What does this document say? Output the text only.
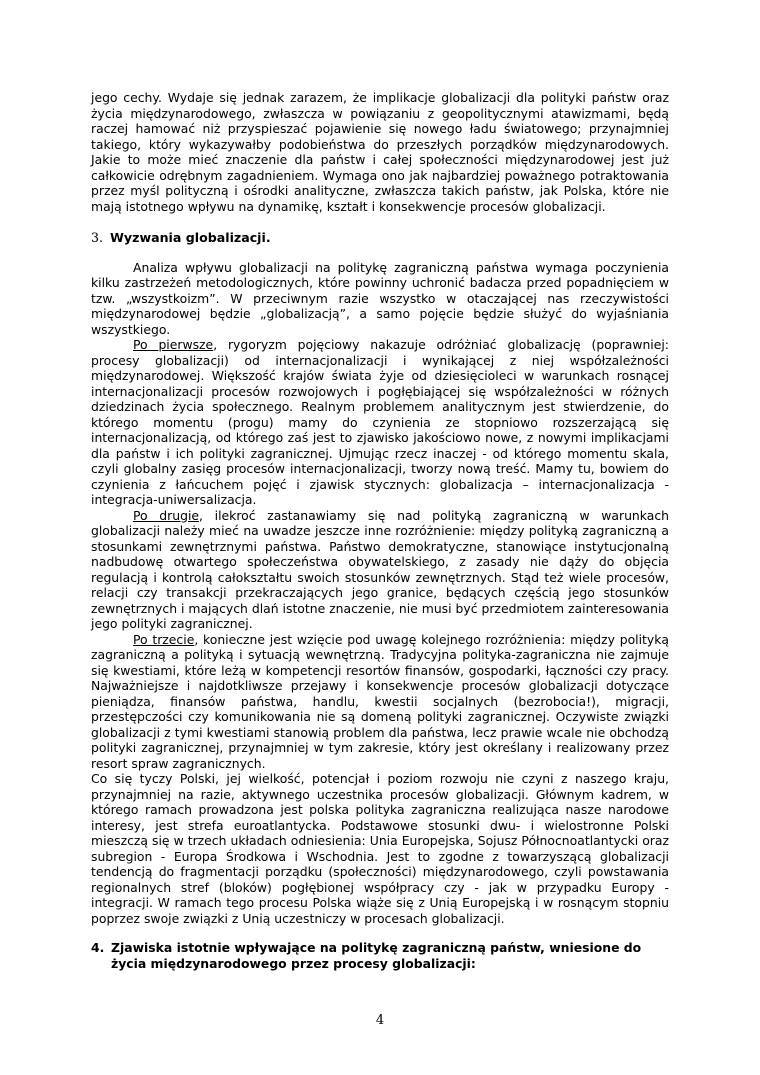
jego cechy. Wydaje się jednak zarazem, że implikacje globalizacji dla polityki państw oraz życia międzynarodowego, zwłaszcza w powiązaniu z geopolitycznymi atawizmami, będą raczej hamować niż przyspieszać pojawienie się nowego ładu światowego; przynajmniej takiego, który wykazywałby podobieństwa do przeszłych porządków międzynarodowych. Jakie to może mieć znaczenie dla państw i całej społeczności międzynarodowej jest już całkowicie odrębnym zagadnieniem. Wymaga ono jak najbardziej poważnego potraktowania przez myśl polityczną i ośrodki analityczne, zwłaszcza takich państw, jak Polska, które nie mają istotnego wpływu na dynamikę, kształt i konsekwencje procesów globalizacji.

3. Wyzwania globalizacji.

Analiza wpływu globalizacji na politykę zagraniczną państwa wymaga poczynienia kilku zastrzeżeń metodologicznych, które powinny uchronić badacza przed popadnięciem w tzw. „wszystkoizm”. W przeciwnym razie wszystko w otaczającej nas rzeczywistości międzynarodowej będzie „globalizacją”, a samo pojęcie będzie służyć do wyjaśniania wszystkiego.

Po pierwsze, rygoryzm pojęciowy nakazuje odróżniać globalizację (poprawniej: procesy globalizacji) od internacjonalizacji i wynikającej z niej współzależności międzynarodowej. Większość krajów świata żyje od dziesięcioleci w warunkach rosnącej internacjonalizacji procesów rozwojowych i pogłębiającej się współzależności w różnych dziedzinach życia społecznego. Realnym problemem analitycznym jest stwierdzenie, do którego momentu (progu) mamy do czynienia ze stopniowo rozszerzającą się internacjonalizacją, od którego zaś jest to zjawisko jakościowo nowe, z nowymi implikacjami dla państw i ich polityki zagranicznej. Ujmując rzecz inaczej - od którego momentu skala, czyli globalny zasięg procesów internacjonalizacji, tworzy nową treść. Mamy tu, bowiem do czynienia z łańcuchem pojęć i zjawisk stycznych: globalizacja – internacjonalizacja - integracja-uniwersalizacja.

Po drugie, ilekroć zastanawiamy się nad polityką zagraniczną w warunkach globalizacji należy mieć na uwadze jeszcze inne rozróżnienie: między polityką zagraniczną a stosunkami zewnętrznymi państwa. Państwo demokratyczne, stanowiące instytucjonalną nadbudowę otwartego społeczeństwa obywatelskiego, z zasady nie dąży do objęcia regulacją i kontrolą całokształtu swoich stosunków zewnętrznych. Stąd też wiele procesów, relacji czy transakcji przekraczających jego granice, będących częścią jego stosunków zewnętrznych i mających dlań istotne znaczenie, nie musi być przedmiotem zainteresowania jego polityki zagranicznej.

Po trzecie, konieczne jest wzięcie pod uwagę kolejnego rozróżnienia: między polityką zagraniczną a polityką i sytuacją wewnętrzną. Tradycyjna polityka-zagraniczna nie zajmuje się kwestiami, które leżą w kompetencji resortów finansów, gospodarki, łączności czy pracy. Najważniejsze i najdotkliwsze przejawy i konsekwencje procesów globalizacji dotyczące pieniądza, finansów państwa, handlu, kwestii socjalnych (bezrobocia!), migracji, przestępczości czy komunikowania nie są domeną polityki zagranicznej. Oczywiste związki globalizacji z tymi kwestiami stanowią problem dla państwa, lecz prawie wcale nie obchodzą polityki zagranicznej, przynajmniej w tym zakresie, który jest określany i realizowany przez resort spraw zagranicznych.

Co się tyczy Polski, jej wielkość, potencjał i poziom rozwoju nie czyni z naszego kraju, przynajmniej na razie, aktywnego uczestnika procesów globalizacji. Głównym kadrem, w którego ramach prowadzona jest polska polityka zagraniczna realizująca nasze narodowe interesy, jest strefa euroatlantycka. Podstawowe stosunki dwu- i wielostronne Polski mieszczą się w trzech układach odniesienia: Unia Europejska, Sojusz Północnoatlantycki oraz subregion - Europa Środkowa i Wschodnia. Jest to zgodne z towarzyszącą globalizacji tendencją do fragmentacji porządku (społeczności) międzynarodowego, czyli powstawania regionalnych stref (bloków) pogłębionej współpracy czy - jak w przypadku Europy - integracji. W ramach tego procesu Polska wiąże się z Unią Europejską i w rosnącym stopniu poprzez swoje związki z Unią uczestniczy w procesach globalizacji.

4. Zjawiska istotnie wpływające na politykę zagraniczną państw, wniesione do życia międzynarodowego przez procesy globalizacji:
4
